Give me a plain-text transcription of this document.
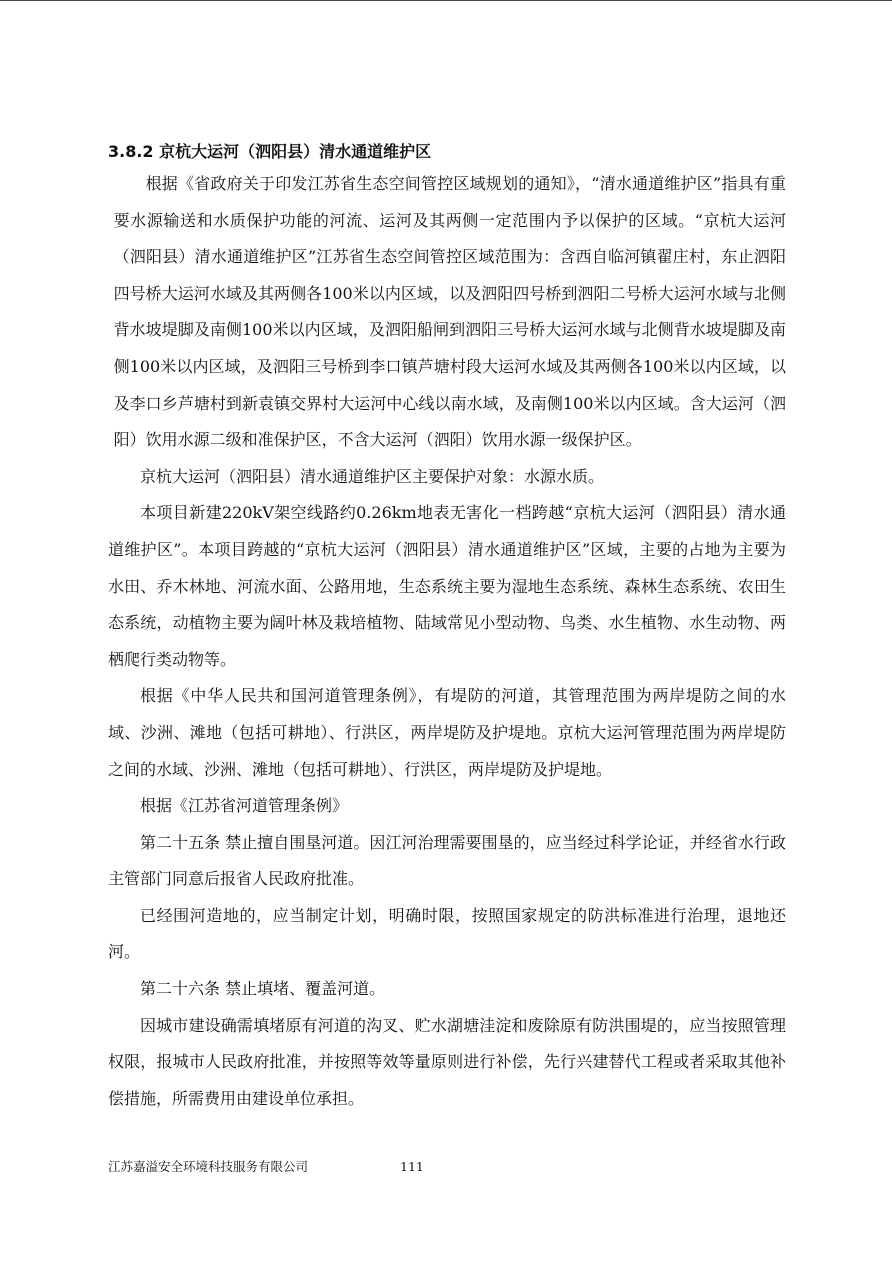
3.8.2 京杭大运河（泗阳县）清水通道维护区

根据《省政府关于印发江苏省生态空间管控区域规划的通知》，“清水通道维护区”指具有重要水源输送和水质保护功能的河流、运河及其两侧一定范围内予以保护的区域。“京杭大运河（泗阳县）清水通道维护区”江苏省生态空间管控区域范围为：含西自临河镇翟庄村，东止泗阳四号桥大运河水域及其两侧各100米以内区域，以及泗阳四号桥到泗阳二号桥大运河水域与北侧背水坡堤脚及南侧100米以内区域，及泗阳船闸到泗阳三号桥大运河水域与北侧背水坡堤脚及南侧100米以内区域，及泗阳三号桥到李口镇芦塘村段大运河水域及其两侧各100米以内区域，以及李口乡芦塘村到新袁镇交界村大运河中心线以南水域，及南侧100米以内区域。含大运河（泗阳）饮用水源二级和准保护区，不含大运河（泗阳）饮用水源一级保护区。

京杭大运河（泗阳县）清水通道维护区主要保护对象：水源水质。

本项目新建220kV架空线路约0.26km地表无害化一档跨越“京杭大运河（泗阳县）清水通道维护区”。本项目跨越的“京杭大运河（泗阳县）清水通道维护区”区域，主要的占地为主要为水田、乔木林地、河流水面、公路用地，生态系统主要为湿地生态系统、森林生态系统、农田生态系统，动植物主要为阔叶林及栽培植物、陆域常见小型动物、鸟类、水生植物、水生动物、两栖爬行类动物等。

根据《中华人民共和国河道管理条例》，有堤防的河道，其管理范围为两岸堤防之间的水域、沙洲、滩地（包括可耕地）、行洪区，两岸堤防及护堤地。京杭大运河管理范围为两岸堤防之间的水域、沙洲、滩地（包括可耕地）、行洪区，两岸堤防及护堤地。

根据《江苏省河道管理条例》

第二十五条 禁止擅自围垦河道。因江河治理需要围垦的，应当经过科学论证，并经省水行政主管部门同意后报省人民政府批准。

已经围河造地的，应当制定计划，明确时限，按照国家规定的防洪标准进行治理，退地还河。

第二十六条 禁止填堵、覆盖河道。

因城市建设确需填堵原有河道的沟叉、贮水湖塘洼淀和废除原有防洪围堤的，应当按照管理权限，报城市人民政府批准，并按照等效等量原则进行补偿，先行兴建替代工程或者采取其他补偿措施，所需费用由建设单位承担。

江苏嘉溢安全环境科技服务有限公司	111
